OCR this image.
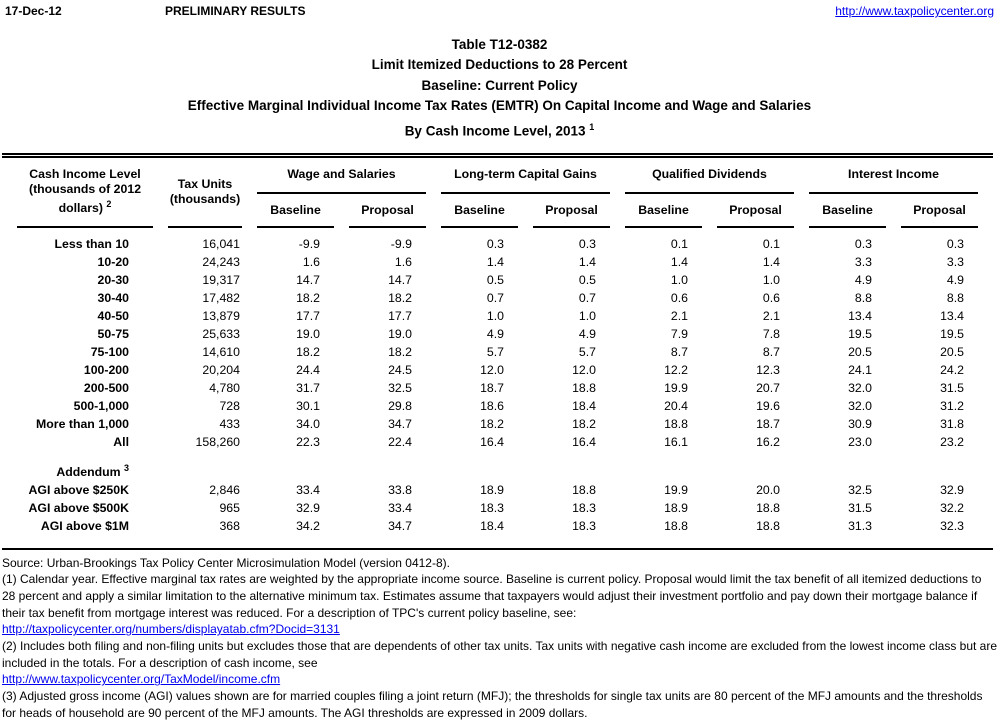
17-Dec-12	PRELIMINARY RESULTS	http://www.taxpolicycenter.org
Table T12-0382
Limit Itemized Deductions to 28 Percent
Baseline: Current Policy
Effective Marginal Individual Income Tax Rates (EMTR) On Capital Income and Wage and Salaries
By Cash Income Level, 2013 $^1$
Cash Income Level
(thousands of 2012
dollars) $^2$

Tax Units
(thousands)
	Wage and Salaries	Long-term Capital Gains	Qualified Dividends	Interest Income
		Baseline	Proposal	Baseline	Proposal	Baseline	Proposal	Baseline	Proposal

Less than 10	16,041	-9.9	-9.9	0.3	0.3	0.1	0.1	0.3	0.3
10-20	24,243	1.6	1.6	1.4	1.4	1.4	1.4	3.3	3.3
20-30	19,317	14.7	14.7	0.5	0.5	1.0	1.0	4.9	4.9
30-40	17,482	18.2	18.2	0.7	0.7	0.6	0.6	8.8	8.8
40-50	13,879	17.7	17.7	1.0	1.0	2.1	2.1	13.4	13.4
50-75	25,633	19.0	19.0	4.9	4.9	7.9	7.8	19.5	19.5
75-100	14,610	18.2	18.2	5.7	5.7	8.7	8.7	20.5	20.5
100-200	20,204	24.4	24.5	12.0	12.0	12.2	12.3	24.1	24.2
200-500	4,780	31.7	32.5	18.7	18.8	19.9	20.7	32.0	31.5
500-1,000	728	30.1	29.8	18.6	18.4	20.4	19.6	32.0	31.2
More than 1,000	433	34.0	34.7	18.2	18.2	18.8	18.7	30.9	31.8
All	158,260	22.3	22.4	16.4	16.4	16.1	16.2	23.0	23.2

Addendum $^3$	
AGI above $250K	2,846	33.4	33.8	18.9	18.8	19.9	20.0	32.5	32.9
AGI above $500K	965	32.9	33.4	18.3	18.3	18.9	18.8	31.5	32.2
AGI above $1M	368	34.2	34.7	18.4	18.3	18.8	18.8	31.3	32.3

Source: Urban-Brookings Tax Policy Center Microsimulation Model (version 0412-8).
(1) Calendar year. Effective marginal tax rates are weighted by the appropriate income source. Baseline is current policy. Proposal would limit the tax benefit of all itemized deductions to 28 percent and apply a similar limitation to the alternative minimum tax. Estimates assume that taxpayers would adjust their investment portfolio and pay down their mortgage balance if their tax benefit from mortgage interest was reduced. For a description of TPC's current policy baseline, see:
http://taxpolicycenter.org/numbers/displayatab.cfm?Docid=3131
(2) Includes both filing and non-filing units but excludes those that are dependents of other tax units. Tax units with negative cash income are excluded from the lowest income class but are included in the totals. For a description of cash income, see
http://www.taxpolicycenter.org/TaxModel/income.cfm
(3) Adjusted gross income (AGI) values shown are for married couples filing a joint return (MFJ); the thresholds for single tax units are 80 percent of the MFJ amounts and the thresholds for heads of household are 90 percent of the MFJ amounts. The AGI thresholds are expressed in 2009 dollars.
